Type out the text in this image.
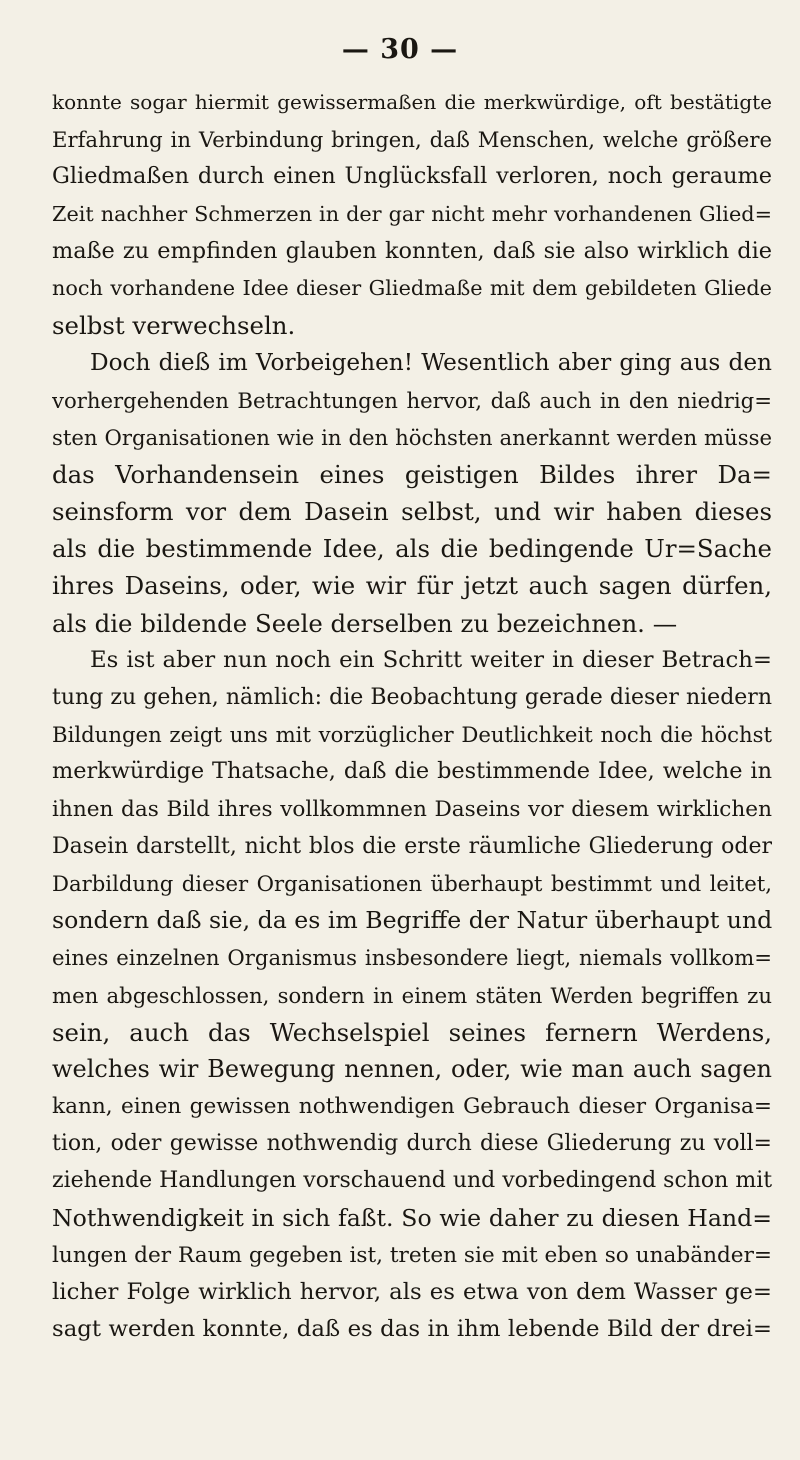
— 30 —
konnte sogar hiermit gewissermaßen die merkwürdige, oft bestätigte
Erfahrung in Verbindung bringen, daß Menschen, welche größere
Gliedmaßen durch einen Unglücksfall verloren, noch geraume
Zeit nachher Schmerzen in der gar nicht mehr vorhandenen Glied=
maße zu empfinden glauben konnten, daß sie also wirklich die
noch vorhandene Idee dieser Gliedmaße mit dem gebildeten Gliede
selbst verwechseln.
Doch dieß im Vorbeigehen! Wesentlich aber ging aus den
vorhergehenden Betrachtungen hervor, daß auch in den niedrig=
sten Organisationen wie in den höchsten anerkannt werden müsse
das Vorhandensein eines geistigen Bildes ihrer Da=
seinsform vor dem Dasein selbst, und wir haben dieses
als die bestimmende Idee, als die bedingende Ur=Sache
ihres Daseins, oder, wie wir für jetzt auch sagen dürfen,
als die bildende Seele derselben zu bezeichnen. —
Es ist aber nun noch ein Schritt weiter in dieser Betrach=
tung zu gehen, nämlich: die Beobachtung gerade dieser niedern
Bildungen zeigt uns mit vorzüglicher Deutlichkeit noch die höchst
merkwürdige Thatsache, daß die bestimmende Idee, welche in
ihnen das Bild ihres vollkommnen Daseins vor diesem wirklichen
Dasein darstellt, nicht blos die erste räumliche Gliederung oder
Darbildung dieser Organisationen überhaupt bestimmt und leitet,
sondern daß sie, da es im Begriffe der Natur überhaupt und
eines einzelnen Organismus insbesondere liegt, niemals vollkom=
men abgeschlossen, sondern in einem stäten Werden begriffen zu
sein, auch das Wechselspiel seines fernern Werdens,
welches wir Bewegung nennen, oder, wie man auch sagen
kann, einen gewissen nothwendigen Gebrauch dieser Organisa=
tion, oder gewisse nothwendig durch diese Gliederung zu voll=
ziehende Handlungen vorschauend und vorbedingend schon mit
Nothwendigkeit in sich faßt. So wie daher zu diesen Hand=
lungen der Raum gegeben ist, treten sie mit eben so unabänder=
licher Folge wirklich hervor, als es etwa von dem Wasser ge=
sagt werden konnte, daß es das in ihm lebende Bild der drei=
